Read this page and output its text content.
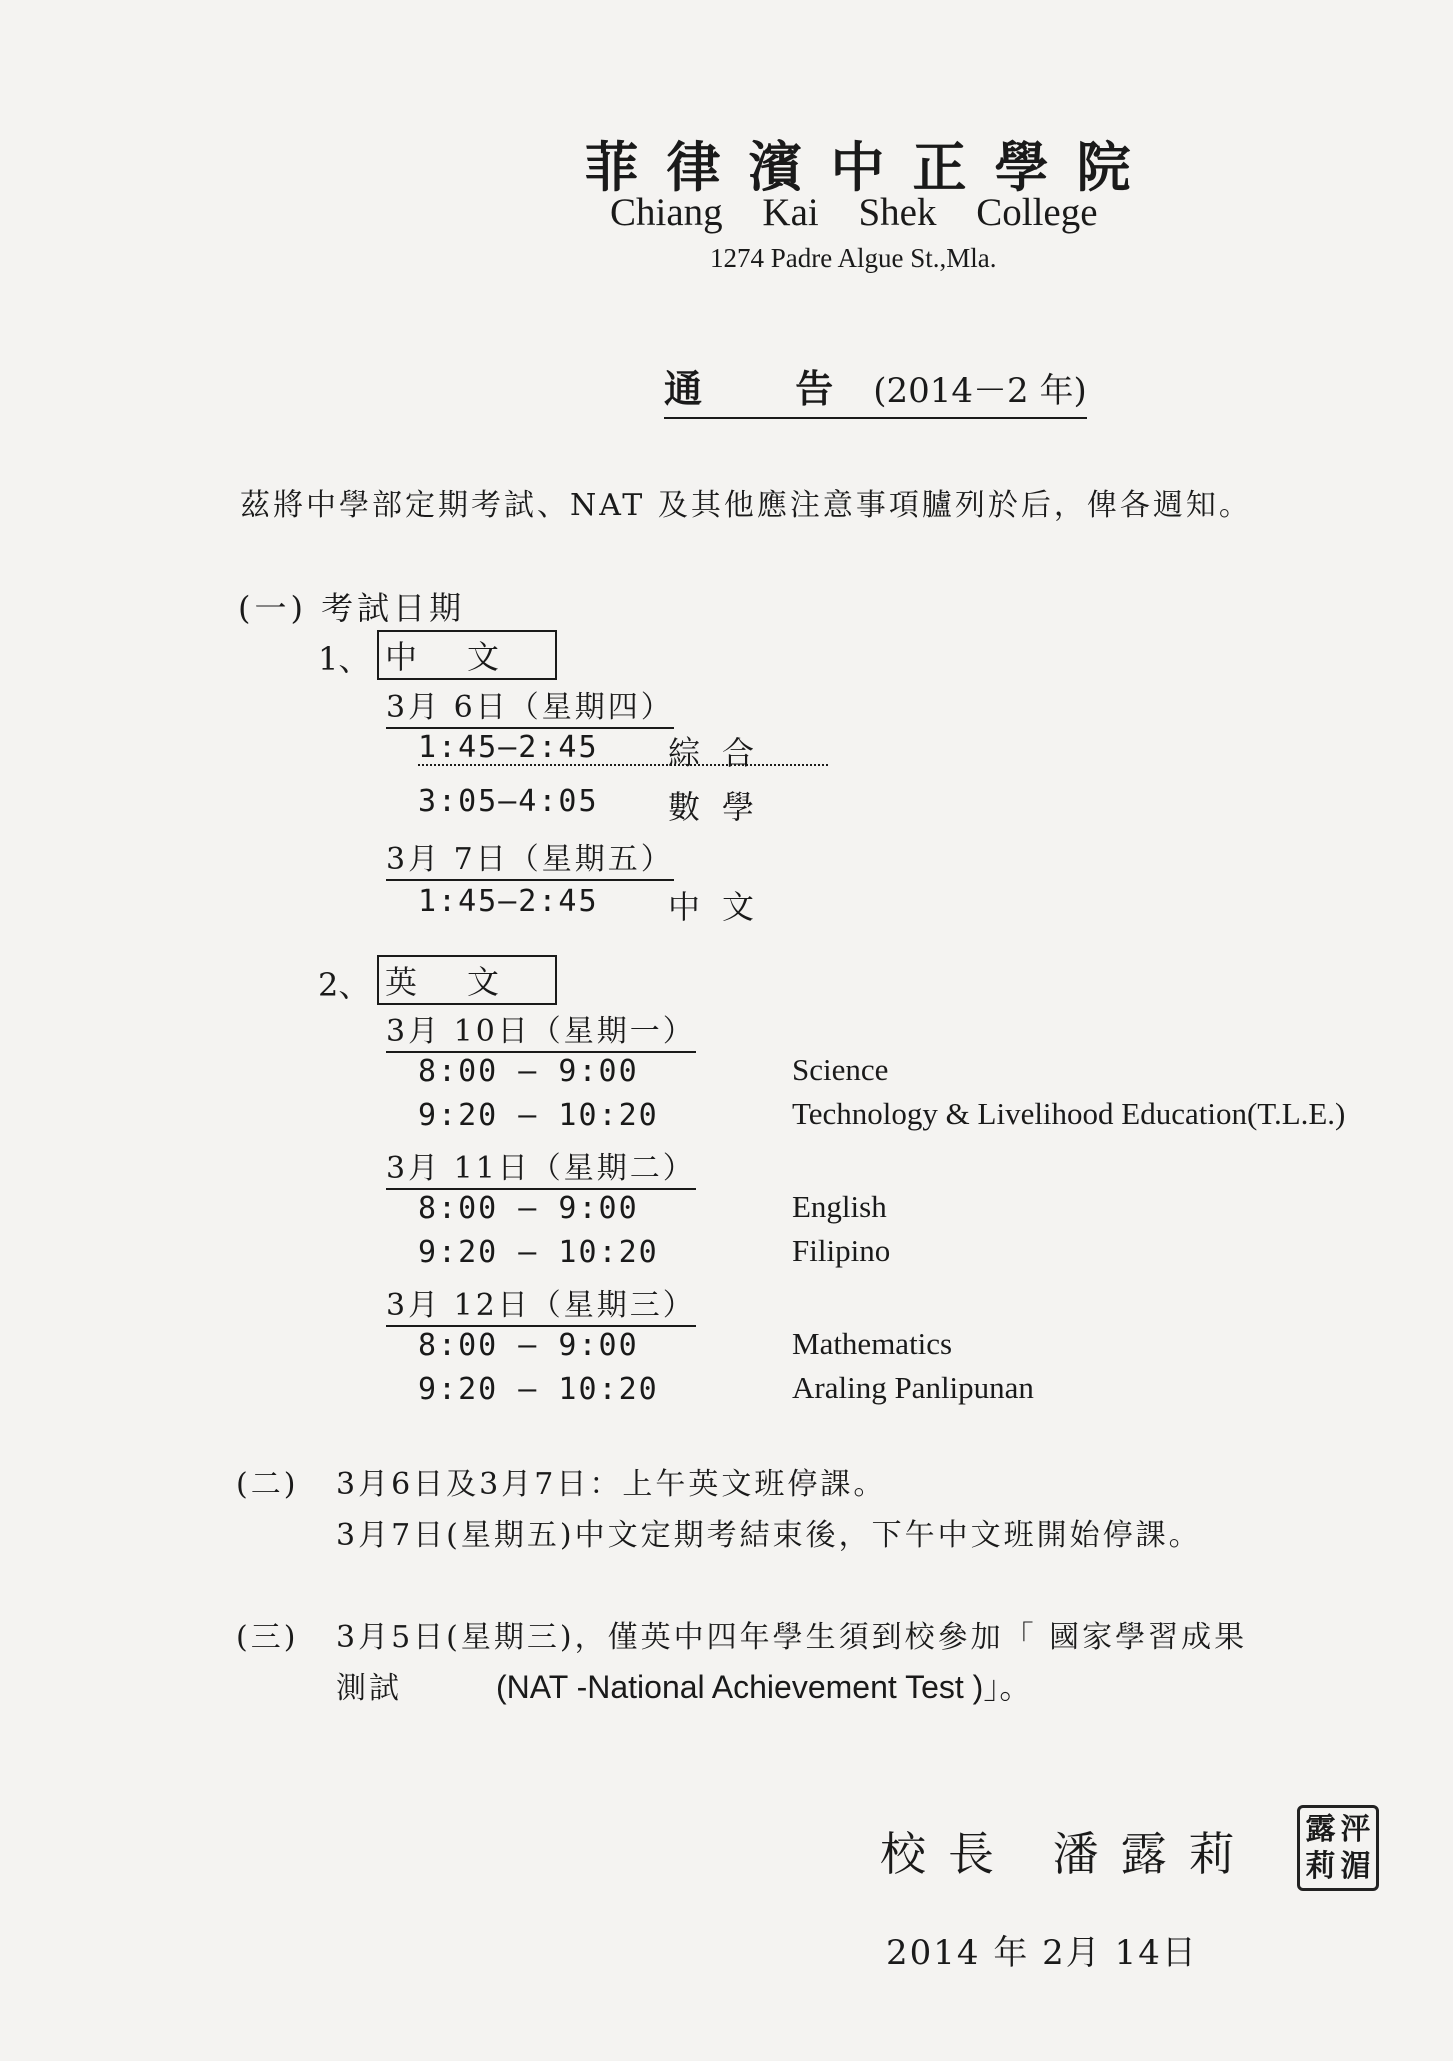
菲律濱中正學院
Chiang Kai Shek College
1274 Padre Algue St.,Mla.
通 告(2014－2 年)
茲將中學部定期考試、NAT 及其他應注意事項臚列於后，俾各週知。
(一) 考試日期
1、 中文
3月 6日（星期四）
1:45—2:45 綜合
3:05—4:05 數學
3月 7日（星期五）
1:45—2:45 中文
2、 英文
3月 10日（星期一）
8:00 — 9:00	Science
9:20 — 10:20	Technology & Livelihood Education(T.L.E.)
3月 11日（星期二）
8:00 — 9:00	English
9:20 — 10:20	Filipino
3月 12日（星期三）
8:00 — 9:00	Mathematics
9:20 — 10:20	Araling Panlipunan
(二) 3月6日及3月7日：上午英文班停課。
3月7日(星期五)中文定期考結束後，下午中文班開始停課。
(三) 3月5日(星期三)，僅英中四年學生須到校參加「 國家學習成果
測試	(NAT -National Achievement Test )」。
校長 潘露莉 露 泙
莉 湄
2014 年 2月 14日
